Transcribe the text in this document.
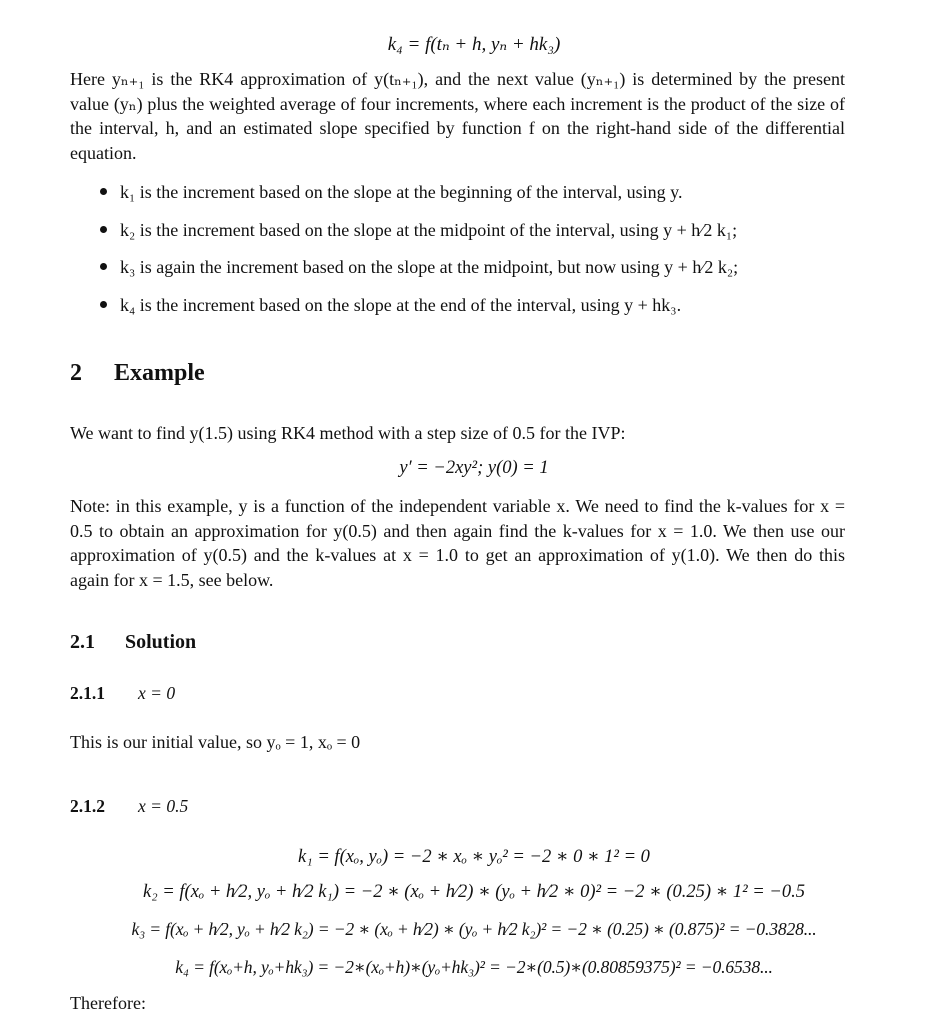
k₄ = f(tₙ + h, yₙ + hk₃)

Here yₙ₊₁ is the RK4 approximation of y(tₙ₊₁), and the next value (yₙ₊₁) is determined by the present value (yₙ) plus the weighted average of four increments, where each increment is the product of the size of the interval, h, and an estimated slope specified by function f on the right-hand side of the differential equation.

k₁ is the increment based on the slope at the beginning of the interval, using y.
k₂ is the increment based on the slope at the midpoint of the interval, using y + h⁄2 k₁;
k₃ is again the increment based on the slope at the midpoint, but now using y + h⁄2 k₂;
k₄ is the increment based on the slope at the end of the interval, using y + hk₃.
2 Example

We want to find y(1.5) using RK4 method with a step size of 0.5 for the IVP:

y′ = −2xy²; y(0) = 1

Note: in this example, y is a function of the independent variable x. We need to find the k-values for x = 0.5 to obtain an approximation for y(0.5) and then again find the k-values for x = 1.0. We then use our approximation of y(0.5) and the k-values at x = 1.0 to get an approximation of y(1.0). We then do this again for x = 1.5, see below.

2.1 Solution
2.1.1 x = 0
This is our initial value, so yₒ = 1, xₒ = 0
2.1.2 x = 0.5
k₁ = f(xₒ, yₒ) = −2 ∗ xₒ ∗ yₒ² = −2 ∗ 0 ∗ 1² = 0
k₂ = f(xₒ + h⁄2, yₒ + h⁄2 k₁) = −2 ∗ (xₒ + h⁄2) ∗ (yₒ + h⁄2 ∗ 0)² = −2 ∗ (0.25) ∗ 1² = −0.5
k₃ = f(xₒ + h⁄2, yₒ + h⁄2 k₂) = −2 ∗ (xₒ + h⁄2) ∗ (yₒ + h⁄2 k₂)² = −2 ∗ (0.25) ∗ (0.875)² = −0.3828...
k₄ = f(xₒ+h, yₒ+hk₃) = −2∗(xₒ+h)∗(yₒ+hk₃)² = −2∗(0.5)∗(0.80859375)² = −0.6538...
Therefore:
